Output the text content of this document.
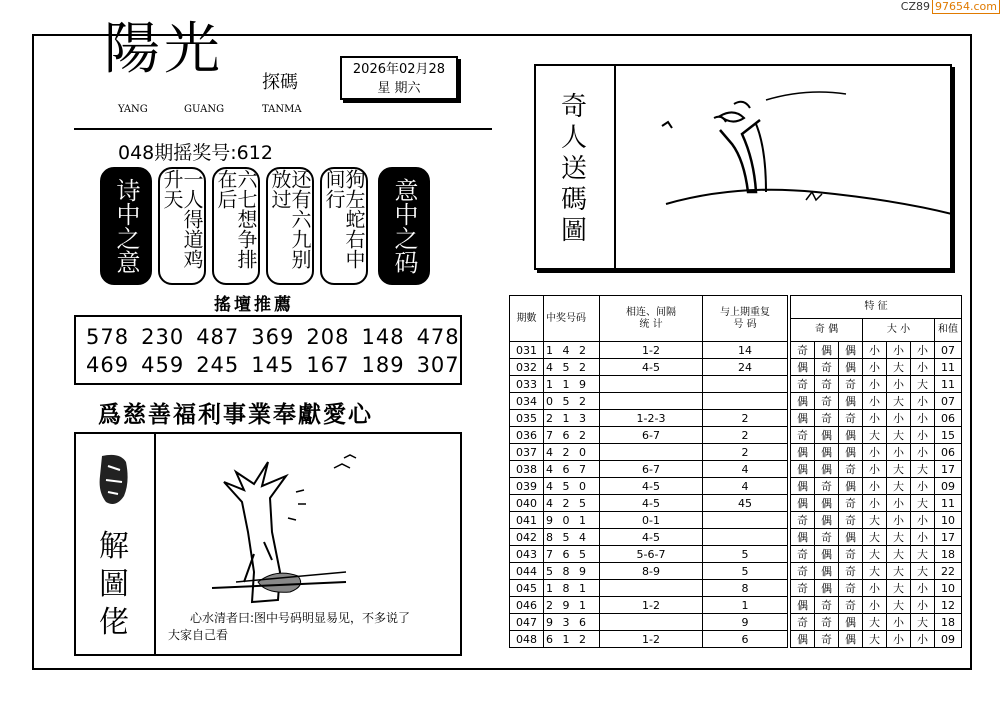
CZ89 97654.com
陽光
探碼
YANG	GUANG	TANMA
2026年02月28
星 期六
048期摇奖号:612
诗中之意	一人得道鸡升天	六七想争排在后	还有六九别放过	狗左蛇右中间行	意中之码
搖壇推薦
578 230 487 369 208 148 478
469 459 245 145 167 189 307
爲慈善福利事業奉獻愛心
解圖佬	心水清者曰:图中号码明显易见，不多说了
大家自己看
奇人送碼圖
期數	中奖号码	相连、间隔
统 计	与上期重复
号 码		特 征						
					奇 偶			大 小			和值
031	1 4 2	1-2	14		奇	偶	偶	小	小	小	07
032	4 5 2	4-5	24		偶	奇	偶	小	大	小	11
033	1 1 9				奇	奇	奇	小	小	大	11
034	0 5 2				偶	奇	偶	小	大	小	07
035	2 1 3	1-2-3	2		偶	奇	奇	小	小	小	06
036	7 6 2	6-7	2		奇	偶	偶	大	大	小	15
037	4 2 0		2		偶	偶	偶	小	小	小	06
038	4 6 7	6-7	4		偶	偶	奇	小	大	大	17
039	4 5 0	4-5	4		偶	奇	偶	小	大	小	09
040	4 2 5	4-5	45		偶	偶	奇	小	小	大	11
041	9 0 1	0-1			奇	偶	奇	大	小	小	10
042	8 5 4	4-5			偶	奇	偶	大	大	小	17
043	7 6 5	5-6-7	5		奇	偶	奇	大	大	大	18
044	5 8 9	8-9	5		奇	偶	奇	大	大	大	22
045	1 8 1		8		奇	偶	奇	小	大	小	10
046	2 9 1	1-2	1		偶	奇	奇	小	大	小	12
047	9 3 6		9		奇	奇	偶	大	小	大	18
048	6 1 2	1-2	6		偶	奇	偶	大	小	小	09
